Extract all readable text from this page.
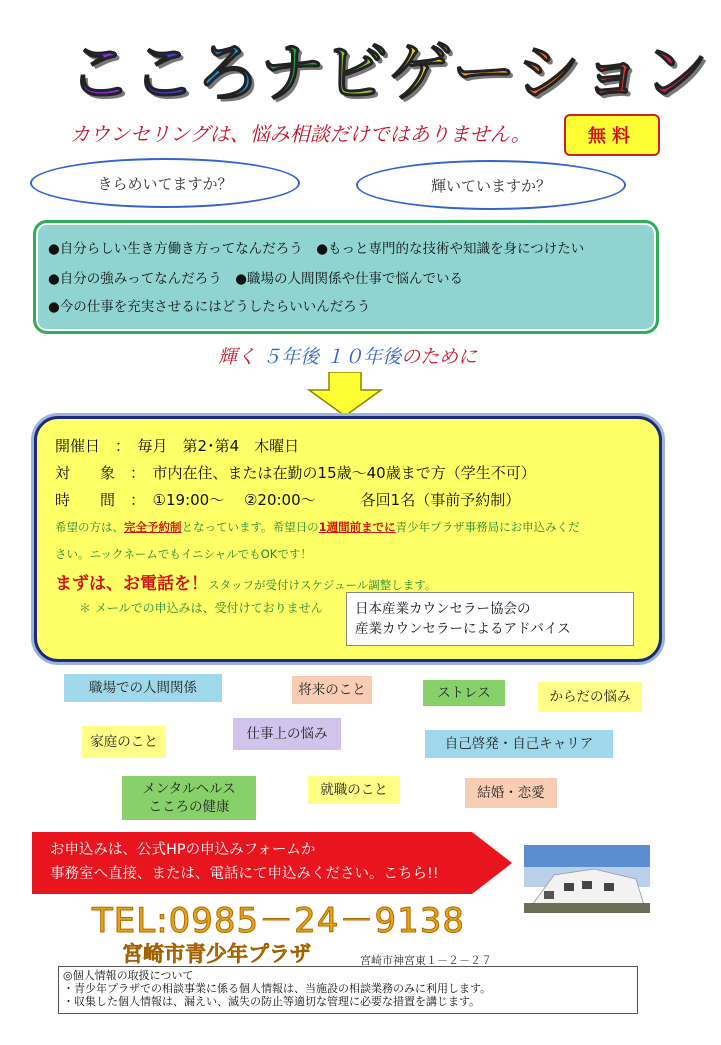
こ こ ろ ナ ビ ゲ ー シ ョ ン
カウンセリングは、悩み相談だけではありません。	無料
きらめいてますか？	輝いていますか？
●自分らしい生き方働き方ってなんだろう　●もっと専門的な技術や知識を身につけたい
●自分の強みってなんだろう　●職場の人間関係や仕事で悩んでいる
●今の仕事を充実させるにはどうしたらいいんだろう
輝く ５年後 １０年後のために
開催日　：　毎月　第2･第4　木曜日
対　　象　：　市内在住、または在勤の15歳～40歳まで方（学生不可）
時　　間　：　①19:00～　 ②20:00～　　　各回1名（事前予約制）
希望の方は、完全予約制となっています。希望日の1週間前までに青少年プラザ事務局にお申込みくだ
さい。ニックネームでもイニシャルでもOKです！
まずは、お電話を！スタッフが受付けスケジュール調整します。
＊ メールでの申込みは、受付けておりません 日本産業カウンセラー協会の
産業カウンセラーによるアドバイス
職場での人間関係	将来のこと	ストレス	からだの悩み
家庭のこと	仕事上の悩み
自己啓発・自己キャリア
メンタルヘルス
こころの健康
就職のこと	結婚・恋愛
お申込みは、公式HPの申込みフォームか
事務室へ直接、または、電話にて申込みください。こちら!!
TEL:0985－24－9138
宮崎市青少年プラザ	宮崎市神宮東１－２－２７
◎個人情報の取扱について
・青少年プラザでの相談事業に係る個人情報は、当施設の相談業務のみに利用します。
・収集した個人情報は、漏えい、滅失の防止等適切な管理に必要な措置を講じます。
